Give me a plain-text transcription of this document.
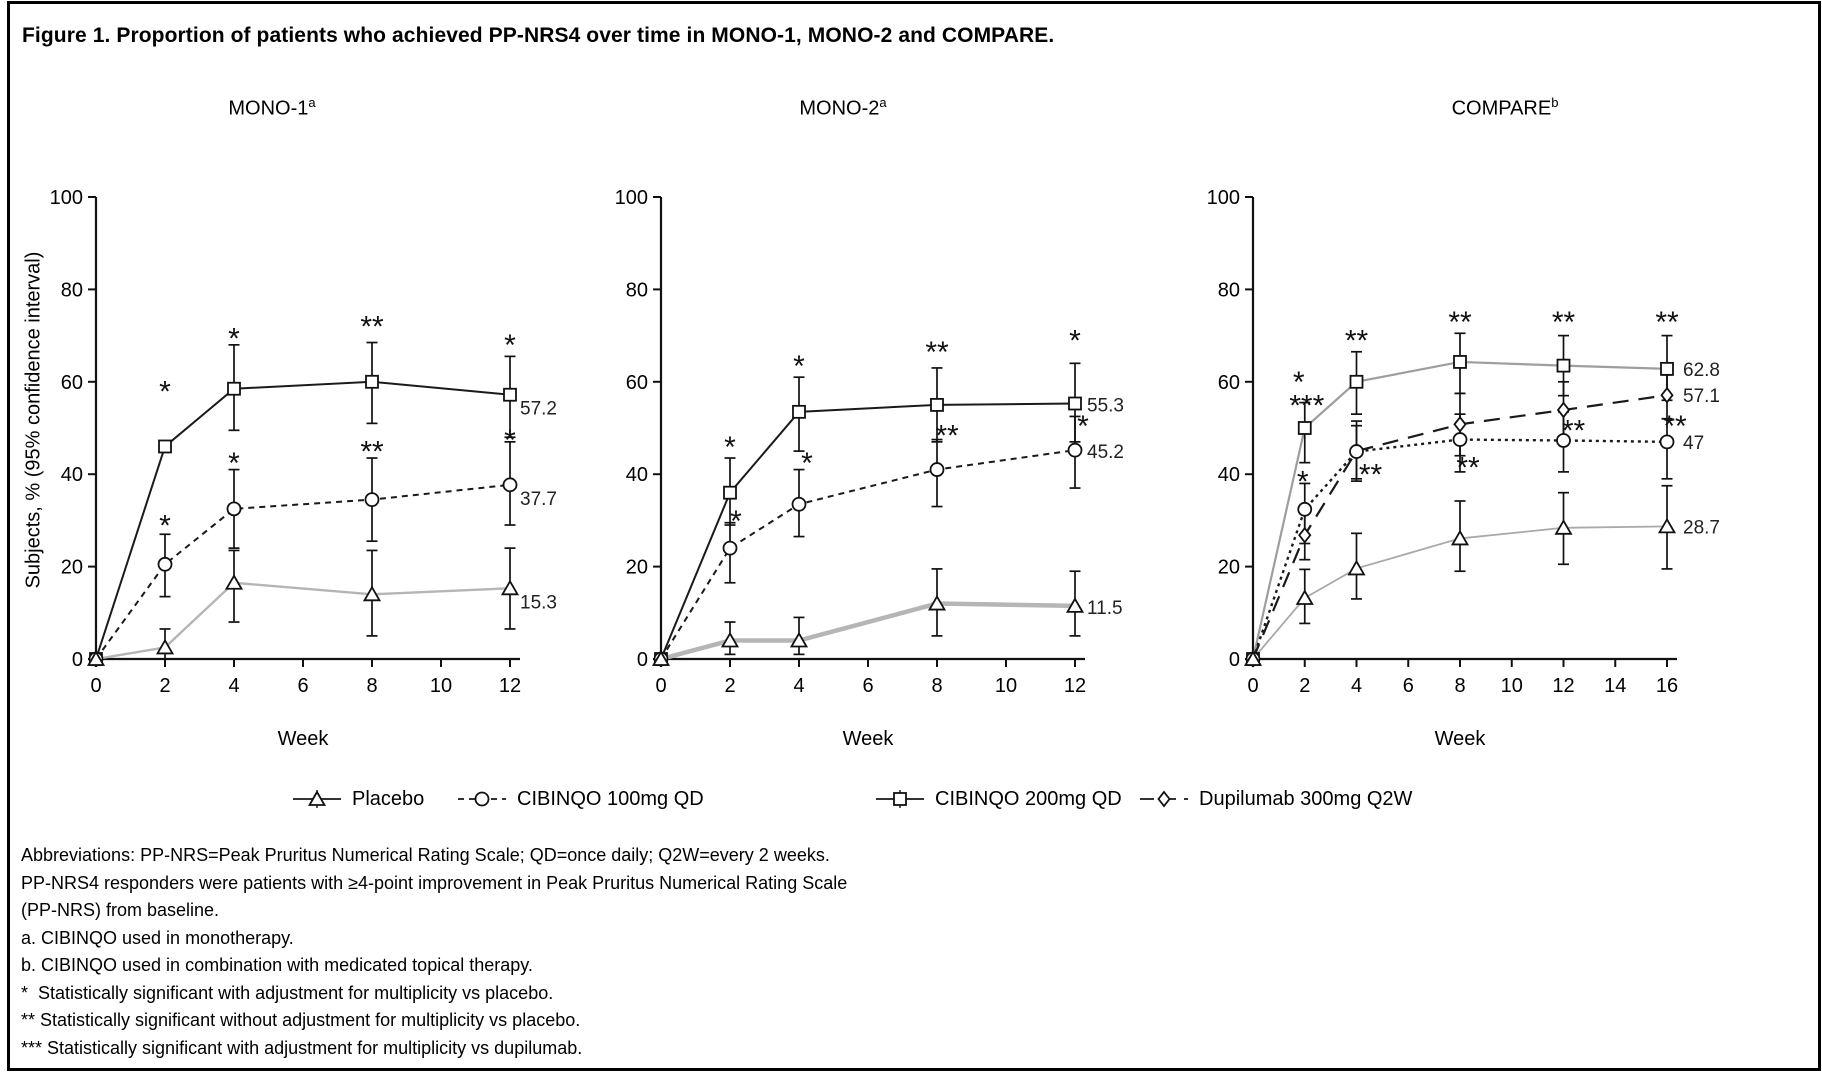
Figure 1. Proportion of patients who achieved PP-NRS4 over time in MONO-1, MONO-2 and COMPARE.
MONO-1$^a$	MONO-2$^a$	COMPARE$^b$
Subjects, % (95% confidence interval)
0
20
40
60
80
100
0	2	4	6	8	10 12
Week
57.2
37.7
15.3
*
*
*
*
**
**
*
*
0
20
40
60
80
100
0	2	4	6	8	10 12
Week
55.3
45.2
11.5
*
*
*
*
**
**
*
*
0
20
40
60
80
100
0 2 4 6 8 10 12 14 16
Week
62.8
57.1
47
28.7
*
***
*
**
**
**
**
**
**
**
**
Placebo	CIBINQO 100mg QD	CIBINQO 200mg QD	Dupilumab 300mg Q2W
Abbreviations: PP-NRS=Peak Pruritus Numerical Rating Scale; QD=once daily; Q2W=every 2 weeks.
PP-NRS4 responders were patients with ≥4-point improvement in Peak Pruritus Numerical Rating Scale
(PP-NRS) from baseline.
a. CIBINQO used in monotherapy.
b. CIBINQO used in combination with medicated topical therapy.
*  Statistically significant with adjustment for multiplicity vs placebo.
** Statistically significant without adjustment for multiplicity vs placebo.
*** Statistically significant with adjustment for multiplicity vs dupilumab.
